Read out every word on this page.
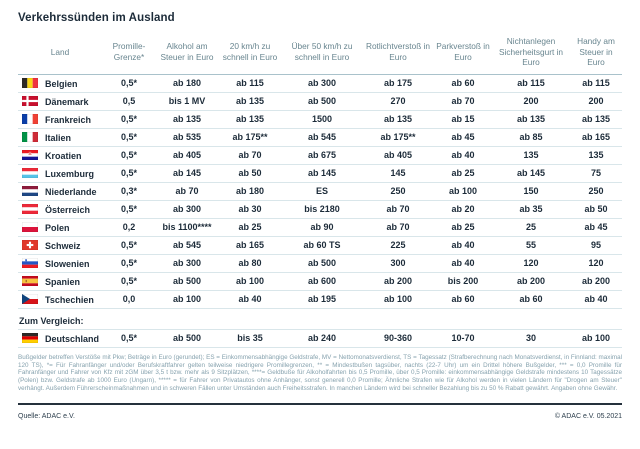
Verkehrssünden im Ausland
Land	Promille-Grenze*	Alkohol am Steuer in Euro	20 km/h zu schnell in Euro	Über 50 km/h zu schnell in Euro	Rotlichtverstoß in Euro	Parkverstoß in Euro	Nichtanlegen Sicherheitsgurt in Euro	Handy am Steuer in Euro

Belgien	0,5*	ab 180	ab 115	ab 300	ab 175	ab 60	ab 115	ab 115

Dänemark	0,5	bis 1 MV	ab 135	ab 500	270	ab 70	200	200

Frankreich	0,5*	ab 135	ab 135	1500	ab 135	ab 15	ab 135	ab 135

Italien	0,5*	ab 535	ab 175**	ab 545	ab 175**	ab 45	ab 85	ab 165

Kroatien	0,5*	ab 405	ab 70	ab 675	ab 405	ab 40	135	135

Luxemburg	0,5*	ab 145	ab 50	ab 145	145	ab 25	ab 145	75

Niederlande	0,3*	ab 70	ab 180	ES	250	ab 100	150	250

Österreich	0,5*	ab 300	ab 30	bis 2180	ab 70	ab 20	ab 35	ab 50

Polen	0,2	bis 1100****	ab 25	ab 90	ab 70	ab 25	25	ab 45

Schweiz	0,5*	ab 545	ab 165	ab 60 TS	225	ab 40	55	95

Slowenien	0,5*	ab 300	ab 80	ab 500	300	ab 40	120	120

Spanien	0,5*	ab 500	ab 100	ab 600	ab 200	bis 200	ab 200	ab 200

Tschechien	0,0	ab 100	ab 40	ab 195	ab 100	ab 60	ab 60	ab 40

Zum Vergleich:								

Deutschland	0,5*	ab 500	bis 35	ab 240	90-360	10-70	30	ab 100

Bußgelder betreffen Verstöße mit Pkw; Beträge in Euro (gerundet); ES = Einkommensabhängige Geldstrafe, MV = Nettomonatsverdienst, TS = Tagessatz (Strafberechnung nach Monatsverdienst, in Finnland: maximal 120 TS), *= Für Fahranfänger und/oder Berufskraftfahrer gelten teilweise niedrigere Promillegrenzen, ** = Mindestbußen tagsüber, nachts (22-7 Uhr) um ein Drittel höhere Bußgelder, *** = 0,0 Promille für Fahranfänger und Fahrer von Kfz mit zGM über 3,5 t bzw. mehr als 9 Sitzplätzen, ****= Geldbuße für Alkoholfahrten bis 0,5 Promille, über 0,5 Promille: einkommensabhängige Geldstrafe mindestens 10 Tagessätze (Polen) bzw. Geldstrafe ab 1000 Euro (Ungarn), ***** = für Fahrer von Privatautos ohne Anhänger, sonst generell 0,0 Promille; Ähnliche Strafen wie für Alkohol werden in vielen Ländern für "Drogen am Steuer" verhängt. Außerdem Führerscheinmaßnahmen und in schweren Fällen unter Umständen auch Freiheitsstrafen. In manchen Ländern wird bei schneller Bezahlung bis zu 50 % Rabatt gewährt. Angaben ohne Gewähr.

Quelle: ADAC e.V.	© ADAC e.V. 05.2021
